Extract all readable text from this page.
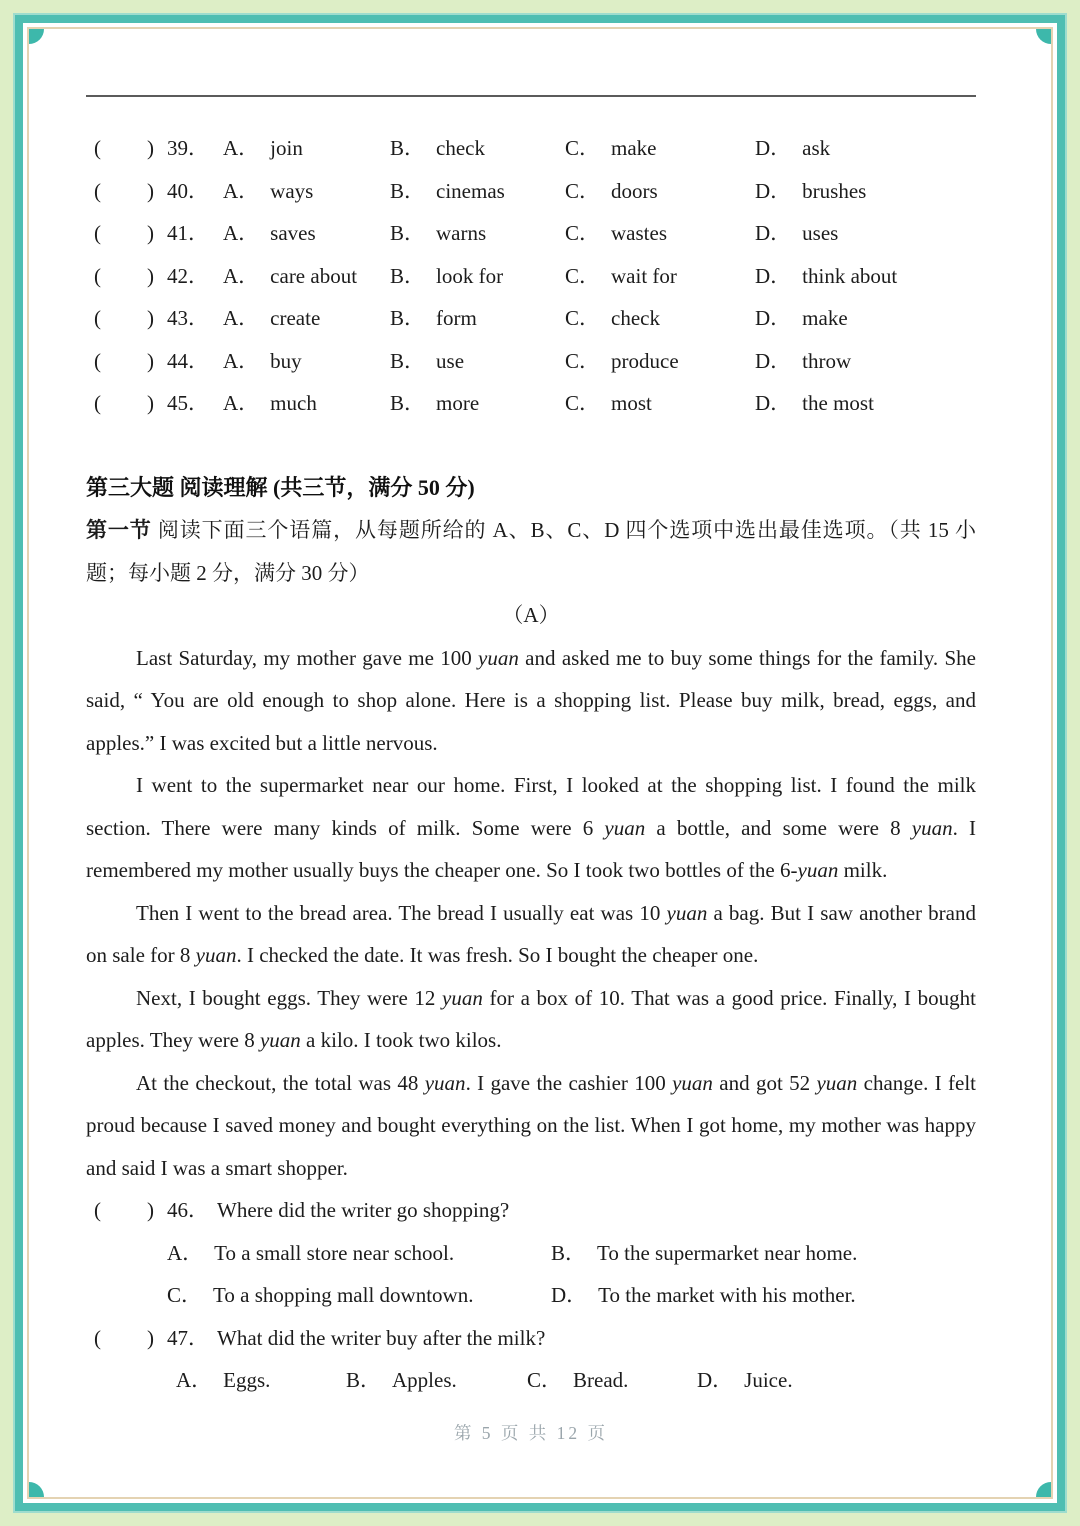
( ) 39． A． join	B． check	C． make	D． ask
( ) 40． A． ways	B． cinemas	C． doors	D． brushes
( ) 41． A． saves	B． warns	C． wastes	D． uses
( ) 42． A． care about B． look for	C． wait for	D． think about
( ) 43． A． create	B． form	C． check	D． make
( ) 44． A． buy	B． use	C． produce	D． throw
( ) 45． A． much	B． more	C． most	D． the most
第三大题 阅读理解 (共三节，满分 50 分)

第一节 阅读下面三个语篇，从每题所给的 A、B、C、D 四个选项中选出最佳选项。（共 15 小题；每小题 2 分，满分 30 分）

（A）

Last Saturday, my mother gave me 100 yuan and asked me to buy some things for the family. She said, “ You are old enough to shop alone. Here is a shopping list. Please buy milk, bread, eggs, and apples.” I was excited but a little nervous.

I went to the supermarket near our home. First, I looked at the shopping list. I found the milk section. There were many kinds of milk. Some were 6 yuan a bottle, and some were 8 yuan. I remembered my mother usually buys the cheaper one. So I took two bottles of the 6-yuan milk.

Then I went to the bread area. The bread I usually eat was 10 yuan a bag. But I saw another brand on sale for 8 yuan. I checked the date. It was fresh. So I bought the cheaper one.

Next, I bought eggs. They were 12 yuan for a box of 10. That was a good price. Finally, I bought apples. They were 8 yuan a kilo. I took two kilos.

At the checkout, the total was 48 yuan. I gave the cashier 100 yuan and got 52 yuan change. I felt proud because I saved money and bought everything on the list. When I got home, my mother was happy and said I was a smart shopper.

( ) 46． Where did the writer go shopping?
A． To a small store near school.	B． To the supermarket near home.
C． To a shopping mall downtown.	D． To the market with his mother.
( ) 47． What did the writer buy after the milk?
A． Eggs.	B． Apples.	C． Bread.	D． Juice.
第 5 页 共 12 页
